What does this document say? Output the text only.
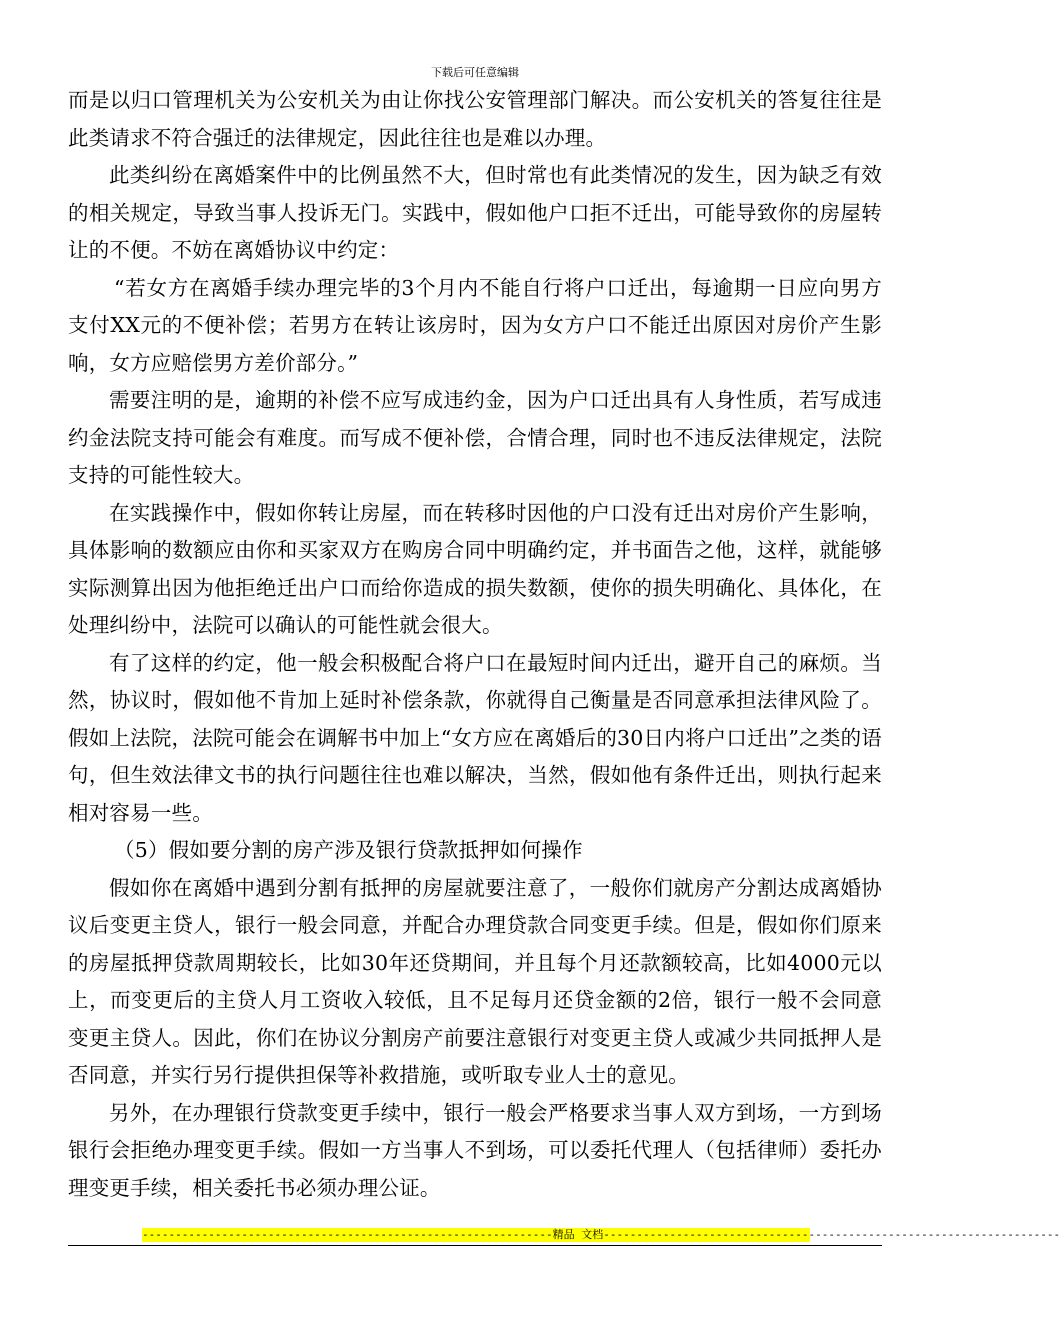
下载后可任意编辑

而是以归口管理机关为公安机关为由让你找公安管理部门解决。而公安机关的答复往往是此类请求不符合强迁的法律规定，因此往往也是难以办理。

此类纠纷在离婚案件中的比例虽然不大，但时常也有此类情况的发生，因为缺乏有效的相关规定，导致当事人投诉无门。实践中，假如他户口拒不迁出，可能导致你的房屋转让的不便。不妨在离婚协议中约定：

“若女方在离婚手续办理完毕的3个月内不能自行将户口迁出，每逾期一日应向男方支付XX元的不便补偿；若男方在转让该房时，因为女方户口不能迁出原因对房价产生影响，女方应赔偿男方差价部分。”

需要注明的是，逾期的补偿不应写成违约金，因为户口迁出具有人身性质，若写成违约金法院支持可能会有难度。而写成不便补偿，合情合理，同时也不违反法律规定，法院支持的可能性较大。

在实践操作中，假如你转让房屋，而在转移时因他的户口没有迁出对房价产生影响，具体影响的数额应由你和买家双方在购房合同中明确约定，并书面告之他，这样，就能够实际测算出因为他拒绝迁出户口而给你造成的损失数额，使你的损失明确化、具体化，在处理纠纷中，法院可以确认的可能性就会很大。

有了这样的约定，他一般会积极配合将户口在最短时间内迁出，避开自己的麻烦。当然，协议时，假如他不肯加上延时补偿条款，你就得自己衡量是否同意承担法律风险了。假如上法院，法院可能会在调解书中加上“女方应在离婚后的30日内将户口迁出”之类的语句，但生效法律文书的执行问题往往也难以解决，当然，假如他有条件迁出，则执行起来相对容易一些。

（5）假如要分割的房产涉及银行贷款抵押如何操作

假如你在离婚中遇到分割有抵押的房屋就要注意了，一般你们就房产分割达成离婚协议后变更主贷人，银行一般会同意，并配合办理贷款合同变更手续。但是，假如你们原来的房屋抵押贷款周期较长，比如30年还贷期间，并且每个月还款额较高，比如4000元以上，而变更后的主贷人月工资收入较低，且不足每月还贷金额的2倍，银行一般不会同意变更主贷人。因此，你们在协议分割房产前要注意银行对变更主贷人或减少共同抵押人是否同意，并实行另行提供担保等补救措施，或听取专业人士的意见。

另外，在办理银行贷款变更手续中，银行一般会严格要求当事人双方到场，一方到场银行会拒绝办理变更手续。假如一方当事人不到场，可以委托代理人（包括律师）委托办理变更手续，相关委托书必须办理公证。

--------------------------------------------------------------精品 文档---------------------------------------------------------------------
